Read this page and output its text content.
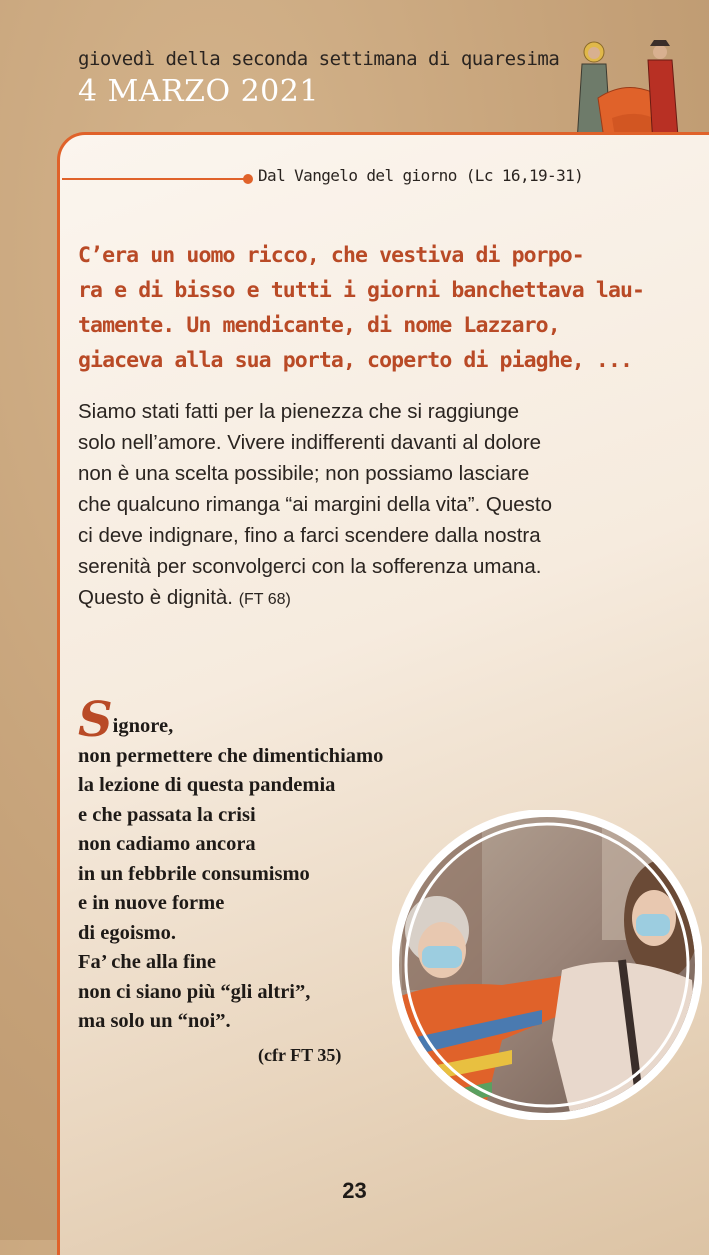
giovedì della seconda settimana di quaresima
4 MARZO 2021
Dal Vangelo del giorno (Lc 16,19-31)

C’era un uomo ricco, che vestiva di porpo-
ra e di bisso e tutti i giorni banchettava lau-
tamente. Un mendicante, di nome Lazzaro,
giaceva alla sua porta, coperto di piaghe, ...

Siamo stati fatti per la pienezza che si raggiunge
solo nell’amore. Vivere indifferenti davanti al dolore
non è una scelta possibile; non possiamo lasciare
che qualcuno rimanga “ai margini della vita”. Questo
ci deve indignare, fino a farci scendere dalla nostra
serenità per sconvolgerci con la sofferenza umana.
Questo è dignità. (FT 68)

Signore,
non permettere che dimentichiamo
la lezione di questa pandemia
e che passata la crisi
non cadiamo ancora
in un febbrile consumismo
e in nuove forme
di egoismo.
Fa’ che alla fine
non ci siano più “gli altri”,
ma solo un “noi”.

(cfr FT 35)
23
